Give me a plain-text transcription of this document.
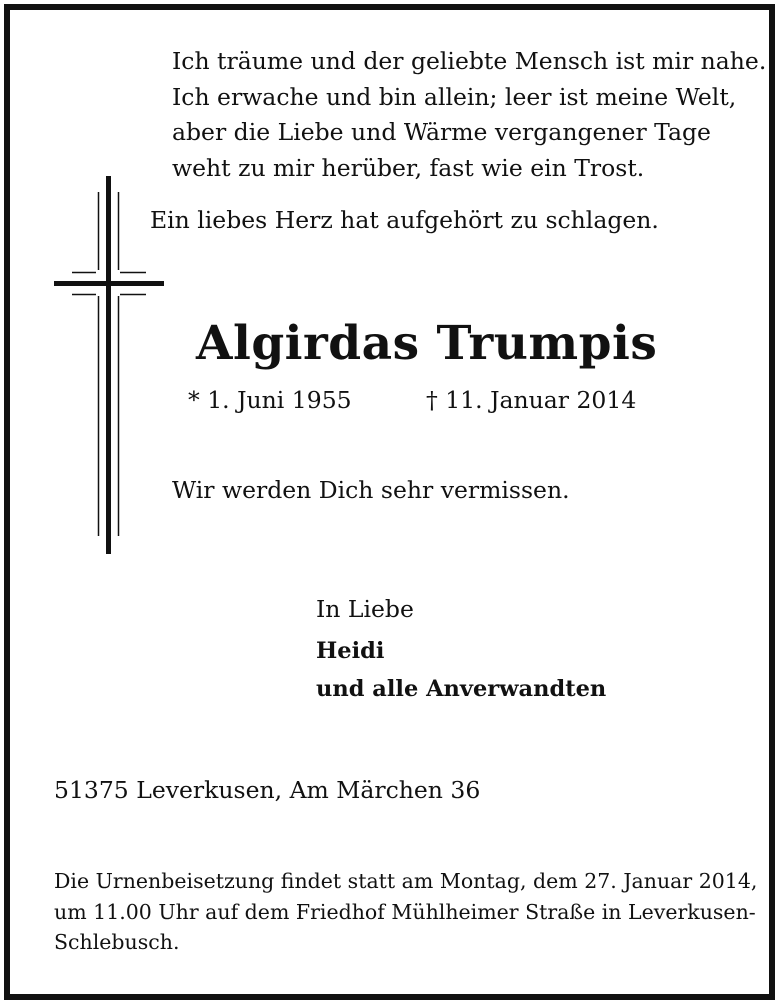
Ich träume und der geliebte Mensch ist mir nahe.
Ich erwache und bin allein; leer ist meine Welt,
aber die Liebe und Wärme vergangener Tage
weht zu mir herüber, fast wie ein Trost.
Ein liebes Herz hat aufgehört zu schlagen.
Algirdas Trumpis
* 1. Juni 1955	† 11. Januar 2014
Wir werden Dich sehr vermissen.
In Liebe
Heidi
und alle Anverwandten
51375 Leverkusen, Am Märchen 36
Die Urnenbeisetzung findet statt am Montag, dem 27. Januar 2014,
um 11.00 Uhr auf dem Friedhof Mühlheimer Straße in Leverkusen-
Schlebusch.
